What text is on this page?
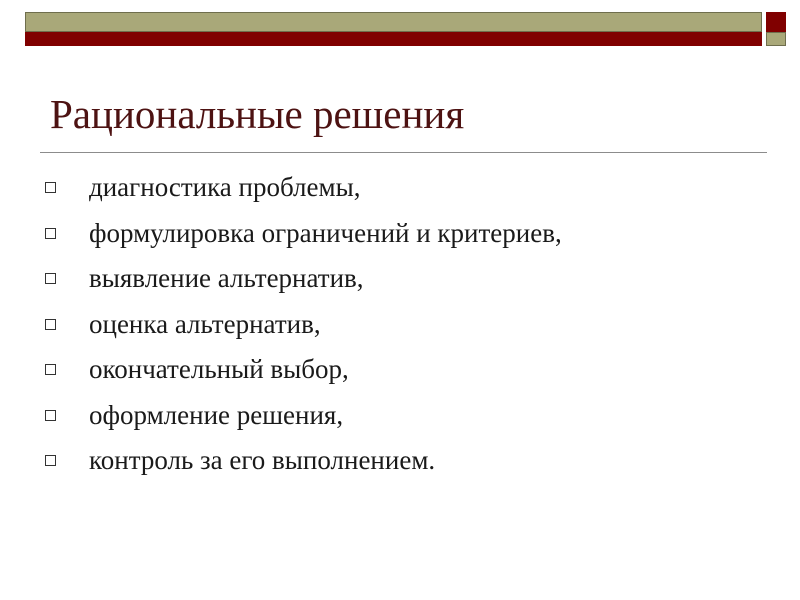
Рациональные решения
диагностика проблемы,
формулировка ограничений и критериев,
выявление альтернатив,
оценка альтернатив,
окончательный выбор,
оформление решения,
контроль за его выполнением.
